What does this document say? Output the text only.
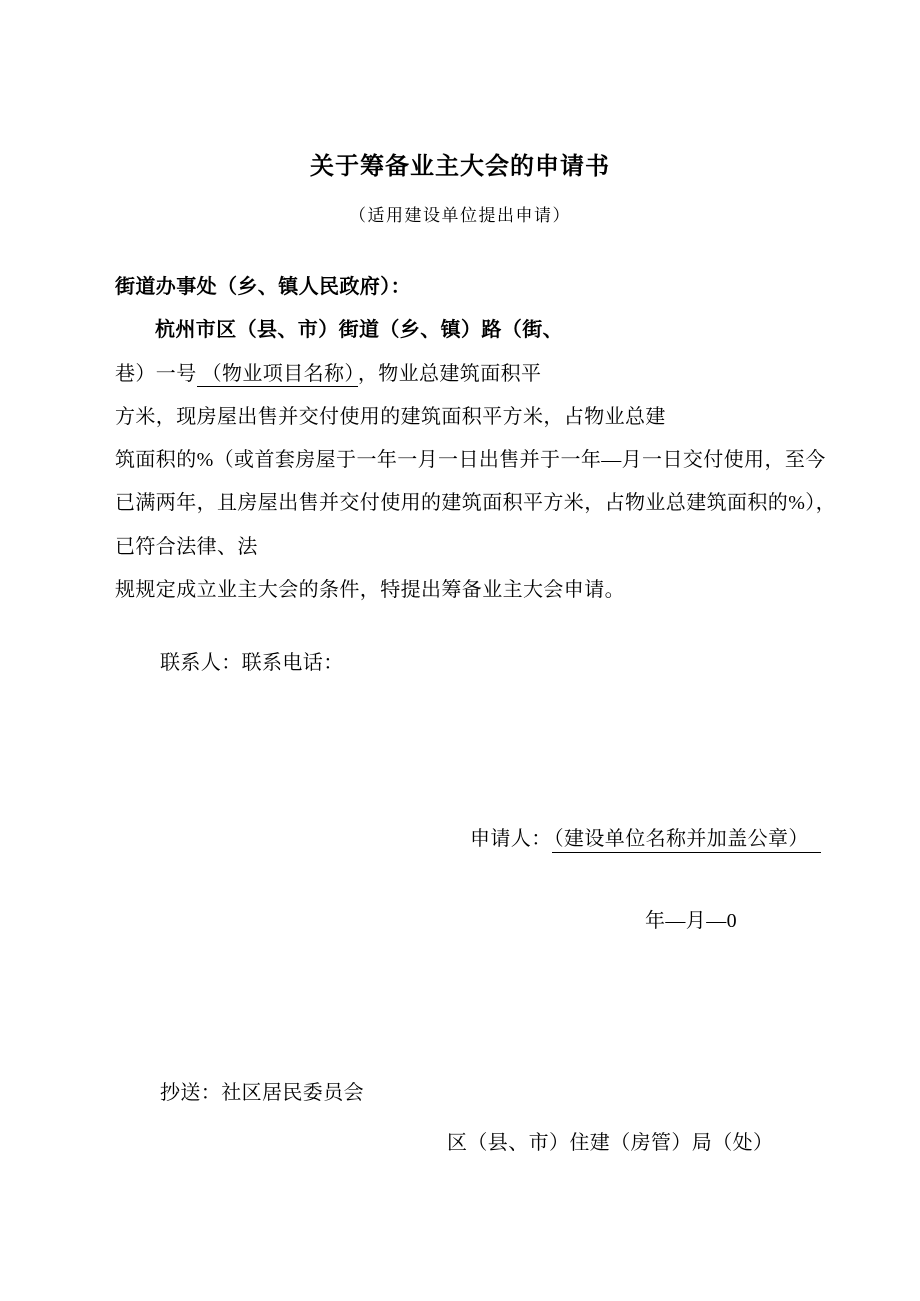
关于筹备业主大会的申请书
（适用建设单位提出申请）
街道办事处（乡、镇人民政府）：
杭州市区（县、市）街道（乡、镇）路（街、
巷）一号 （物业项目名称） ，物业总建筑面积平
方米，现房屋出售并交付使用的建筑面积平方米，占物业总建
筑面积的%（或首套房屋于一年一月一日出售并于一年—月一日交付使用，至今
已满两年，且房屋出售并交付使用的建筑面积平方米，占物业总建筑面积的%），
已符合法律、法
规规定成立业主大会的条件，特提出筹备业主大会申请。
联系人：联系电话：
申请人： （建设单位名称并加盖公章）
年—月—0
抄送：社区居民委员会
区（县、市）住建（房管）局（处）
